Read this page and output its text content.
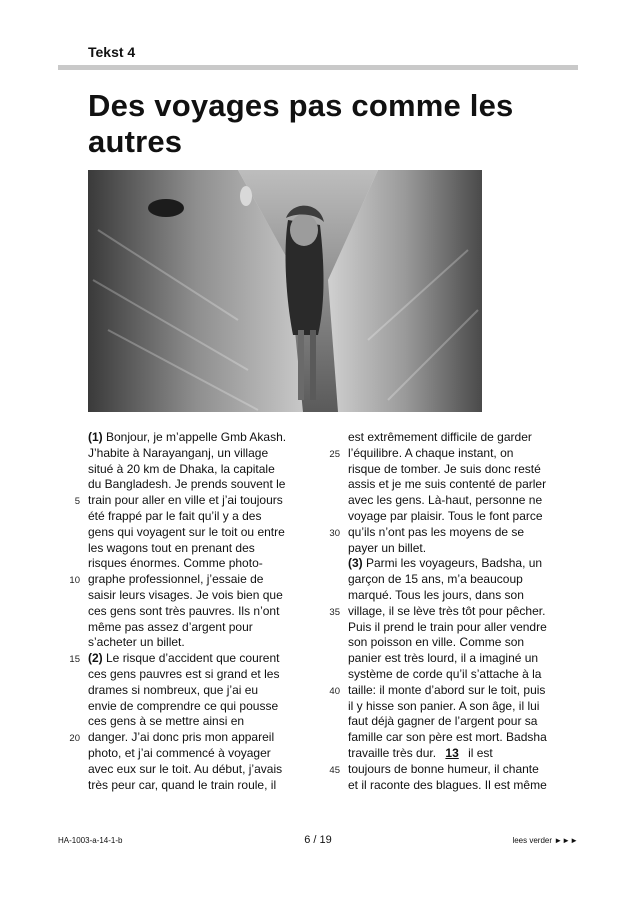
Tekst 4
Des voyages pas comme les autres
(1) Bonjour, je m’appelle Gmb Akash.
J’habite à Narayanganj, un village
situé à 20 km de Dhaka, la capitale
du Bangladesh. Je prends souvent le
5 train pour aller en ville et j’ai toujours
été frappé par le fait qu’il y a des
gens qui voyagent sur le toit ou entre
les wagons tout en prenant des
risques énormes. Comme photo-
10 graphe professionnel, j’essaie de
saisir leurs visages. Je vois bien que
ces gens sont très pauvres. Ils n’ont
même pas assez d’argent pour
s’acheter un billet.
15 (2) Le risque d’accident que courent
ces gens pauvres est si grand et les
drames si nombreux, que j’ai eu
envie de comprendre ce qui pousse
ces gens à se mettre ainsi en
20 danger. J’ai donc pris mon appareil
photo, et j’ai commencé à voyager
avec eux sur le toit. Au début, j’avais
très peur car, quand le train roule, il
est extrêmement difficile de garder
25 l’équilibre. A chaque instant, on
risque de tomber. Je suis donc resté
assis et je me suis contenté de parler
avec les gens. Là-haut, personne ne
voyage par plaisir. Tous le font parce
30 qu’ils n’ont pas les moyens de se
payer un billet.
(3) Parmi les voyageurs, Badsha, un
garçon de 15 ans, m’a beaucoup
marqué. Tous les jours, dans son
35 village, il se lève très tôt pour pêcher.
Puis il prend le train pour aller vendre
son poisson en ville. Comme son
panier est très lourd, il a imaginé un
système de corde qu’il s’attache à la
40 taille: il monte d’abord sur le toit, puis
il y hisse son panier. A son âge, il lui
faut déjà gagner de l’argent pour sa
famille car son père est mort. Badsha
travaille très dur. 13 il est
45 toujours de bonne humeur, il chante
et il raconte des blagues. Il est même
HA-1003-a-14-1-b	6 / 19	lees verder ►►►
